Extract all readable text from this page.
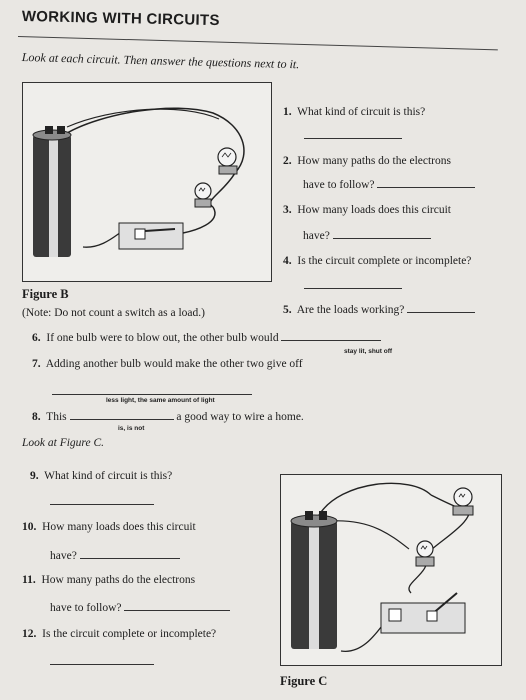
WORKING WITH CIRCUITS
Look at each circuit. Then answer the questions next to it.
1. What kind of circuit is this?
2. How many paths do the electrons
have to follow?
3. How many loads does this circuit
have?
4. Is the circuit complete or incomplete?
Figure B
(Note: Do not count a switch as a load.)	5. Are the loads working?
6. If one bulb were to blow out, the other bulb would
stay lit, shut off
7. Adding another bulb would make the other two give off
less light, the same amount of light
8. This	a good way to wire a home.
is, is not
Look at Figure C.
9. What kind of circuit is this?
10. How many loads does this circuit
have?
11. How many paths do the electrons
have to follow?
12. Is the circuit complete or incomplete?
Figure C
